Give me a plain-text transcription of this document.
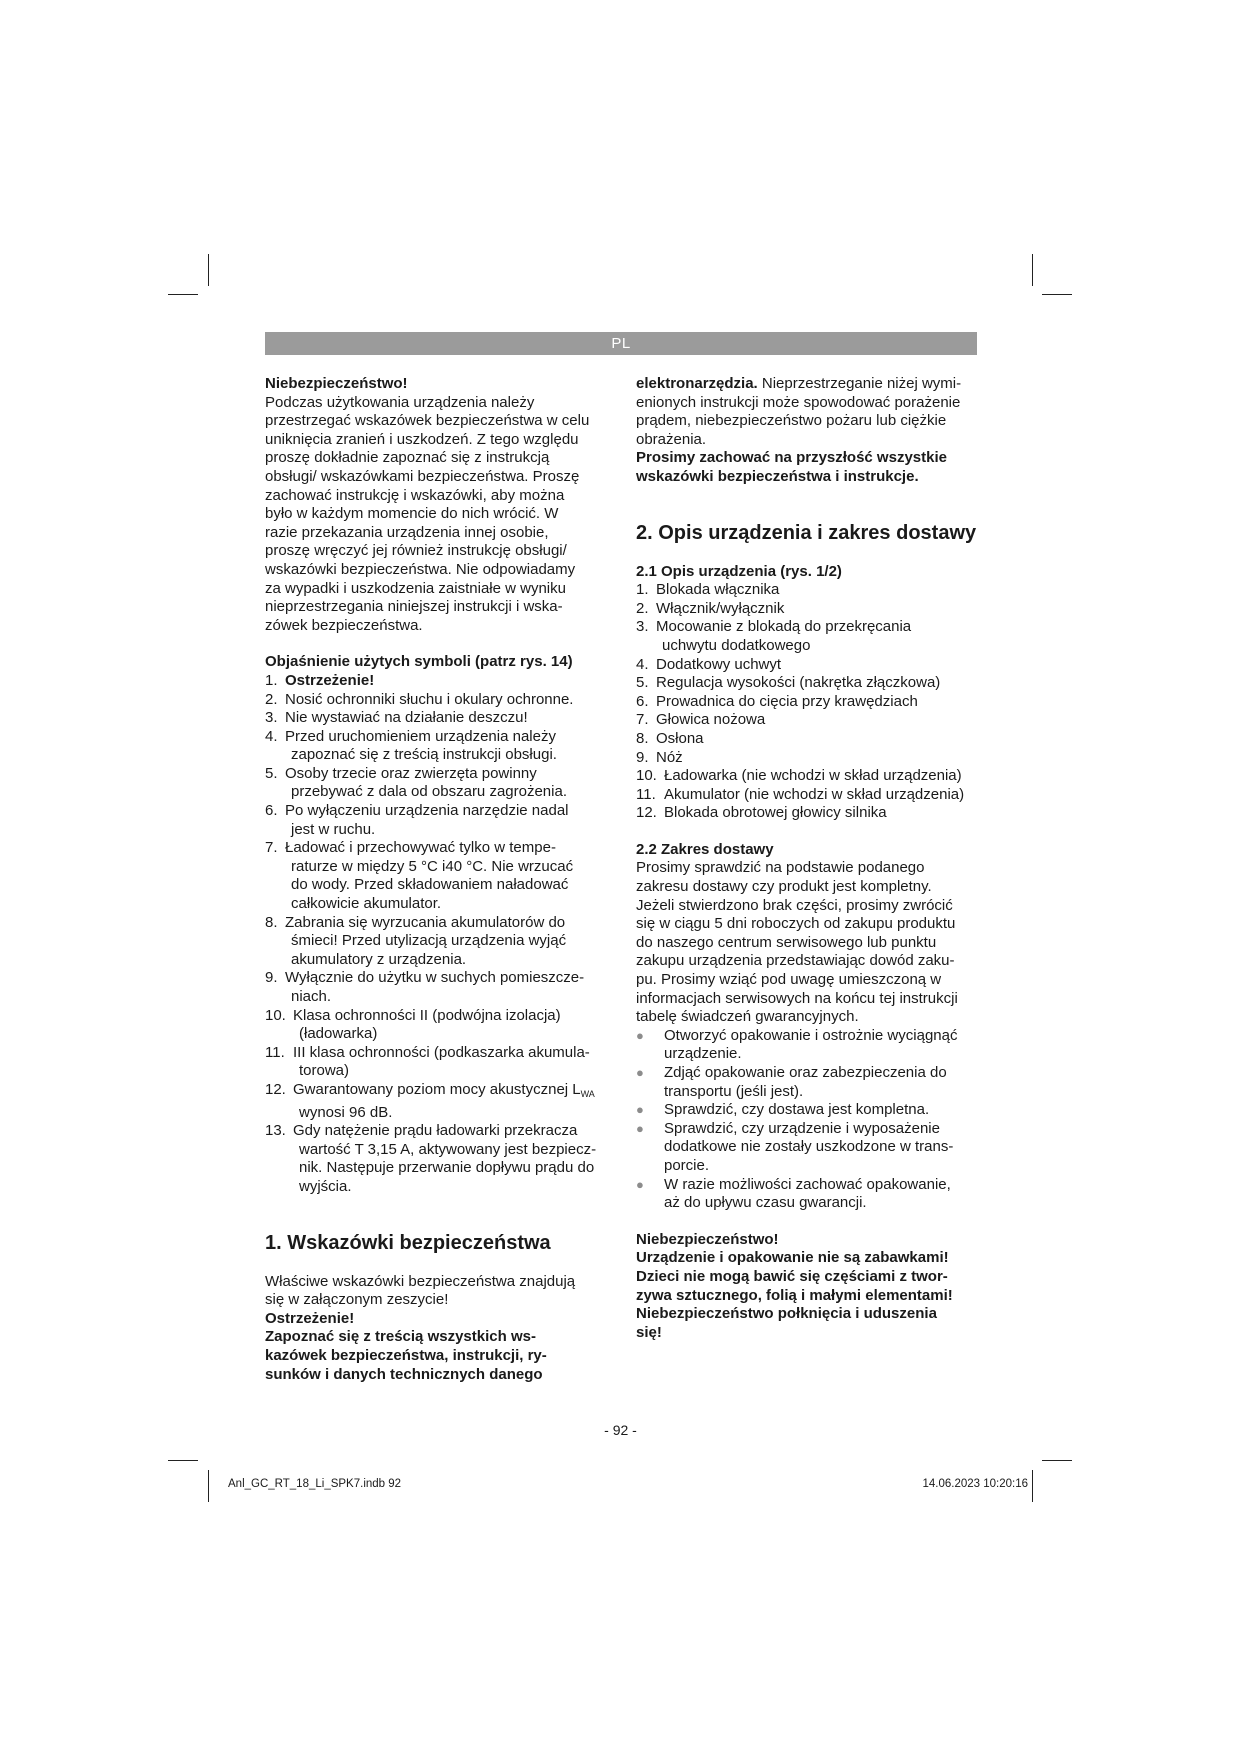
PL

Niebezpieczeństwo!

Podczas użytkowania urządzenia należy
przestrzegać wskazówek bezpieczeństwa w celu
uniknięcia zranień i uszkodzeń. Z tego względu
proszę dokładnie zapoznać się z instrukcją
obsługi/ wskazówkami bezpieczeństwa. Proszę
zachować instrukcję i wskazówki, aby można
było w każdym momencie do nich wrócić. W
razie przekazania urządzenia innej osobie,
proszę wręczyć jej również instrukcję obsługi/
wskazówki bezpieczeństwa. Nie odpowiadamy
za wypadki i uszkodzenia zaistniałe w wyniku
nieprzestrzegania niniejszej instrukcji i wska-
zówek bezpieczeństwa.

Objaśnienie użytych symboli (patrz rys. 14)

1. Ostrzeżenie!
2. Nosić ochronniki słuchu i okulary ochronne.
3. Nie wystawiać na działanie deszczu!
4. Przed uruchomieniem urządzenia należy
zapoznać się z treścią instrukcji obsługi.
5. Osoby trzecie oraz zwierzęta powinny
przebywać z dala od obszaru zagrożenia.
6. Po wyłączeniu urządzenia narzędzie nadal
jest w ruchu.
7. Ładować i przechowywać tylko w tempe-
raturze w między 5 °C i40 °C. Nie wrzucać
do wody. Przed składowaniem naładować
całkowicie akumulator.
8. Zabrania się wyrzucania akumulatorów do
śmieci! Przed utylizacją urządzenia wyjąć
akumulatory z urządzenia.
9. Wyłącznie do użytku w suchych pomieszcze-
niach.
10. Klasa ochronności II (podwójna izolacja)
(ładowarka)
11. III klasa ochronności (podkaszarka akumula-
torowa)
12. Gwarantowany poziom mocy akustycznej $L_{WA}$
wynosi 96 dB.
13. Gdy natężenie prądu ładowarki przekracza
wartość T 3,15 A, aktywowany jest bezpiecz-
nik. Następuje przerwanie dopływu prądu do
wyjścia.

1. Wskazówki bezpieczeństwa

Właściwe wskazówki bezpieczeństwa znajdują
się w załączonym zeszycie!

Ostrzeżenie!

Zapoznać się z treścią wszystkich ws-
kazówek bezpieczeństwa, instrukcji, ry-
sunków i danych technicznych danego

elektronarzędzia. Nieprzestrzeganie niżej wymi-

enionych instrukcji może spowodować porażenie
prądem, niebezpieczeństwo pożaru lub ciężkie
obrażenia.
Prosimy zachować na przyszłość wszystkie
wskazówki bezpieczeństwa i instrukcje.

2. Opis urządzenia i zakres dostawy

2.1 Opis urządzenia (rys. 1/2)

1. Blokada włącznika
2. Włącznik/wyłącznik
3. Mocowanie z blokadą do przekręcania
uchwytu dodatkowego
4. Dodatkowy uchwyt
5. Regulacja wysokości (nakrętka złączkowa)
6. Prowadnica do cięcia przy krawędziach
7. Głowica nożowa
8. Osłona
9. Nóż
10. Ładowarka (nie wchodzi w skład urządzenia)
11. Akumulator (nie wchodzi w skład urządzenia)
12. Blokada obrotowej głowicy silnika

2.2 Zakres dostawy

Prosimy sprawdzić na podstawie podanego
zakresu dostawy czy produkt jest kompletny.
Jeżeli stwierdzono brak części, prosimy zwrócić
się w ciągu 5 dni roboczych od zakupu produktu
do naszego centrum serwisowego lub punktu
zakupu urządzenia przedstawiając dowód zaku-
pu. Prosimy wziąć pod uwagę umieszczoną w
informacjach serwisowych na końcu tej instrukcji
tabelę świadczeń gwarancyjnych.
●	Otworzyć opakowanie i ostrożnie wyciągnąć
urządzenie.
●	Zdjąć opakowanie oraz zabezpieczenia do
transportu (jeśli jest).
●	Sprawdzić, czy dostawa jest kompletna.
●	Sprawdzić, czy urządzenie i wyposażenie
dodatkowe nie zostały uszkodzone w trans-
porcie.
●	W razie możliwości zachować opakowanie,
aż do upływu czasu gwarancji.

Niebezpieczeństwo!

Urządzenie i opakowanie nie są zabawkami!
Dzieci nie mogą bawić się częściami z twor-
zywa sztucznego, folią i małymi elementami!
Niebezpieczeństwo połknięcia i uduszenia
się!
- 92 -
Anl_GC_RT_18_Li_SPK7.indb 92	14.06.2023 10:20:16
